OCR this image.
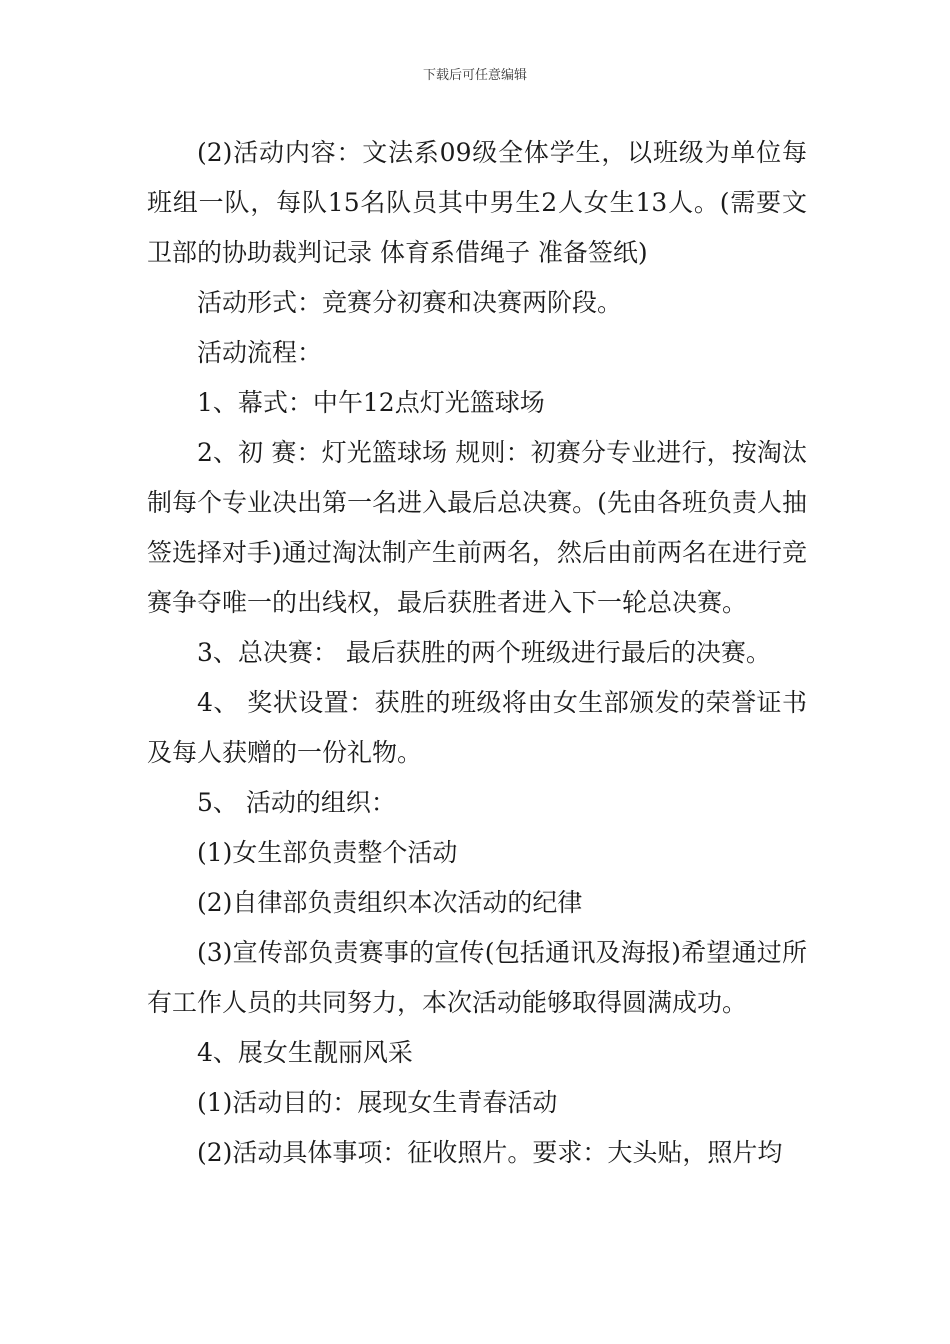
下载后可任意编辑

(2)活动内容：文法系09级全体学生，以班级为单位每班组一队，每队15名队员其中男生2人女生13人。(需要文卫部的协助裁判记录 体育系借绳子 准备签纸)

活动形式：竞赛分初赛和决赛两阶段。

活动流程：

1、幕式：中午12点灯光篮球场

2、初 赛：灯光篮球场 规则：初赛分专业进行，按淘汰制每个专业决出第一名进入最后总决赛。(先由各班负责人抽签选择对手)通过淘汰制产生前两名，然后由前两名在进行竞赛争夺唯一的出线权，最后获胜者进入下一轮总决赛。

3、总决赛： 最后获胜的两个班级进行最后的决赛。

4、 奖状设置：获胜的班级将由女生部颁发的荣誉证书及每人获赠的一份礼物。

5、 活动的组织：

(1)女生部负责整个活动

(2)自律部负责组织本次活动的纪律

(3)宣传部负责赛事的宣传(包括通讯及海报)希望通过所有工作人员的共同努力，本次活动能够取得圆满成功。

4、展女生靓丽风采

(1)活动目的：展现女生青春活动

(2)活动具体事项：征收照片。要求：大头贴，照片均
